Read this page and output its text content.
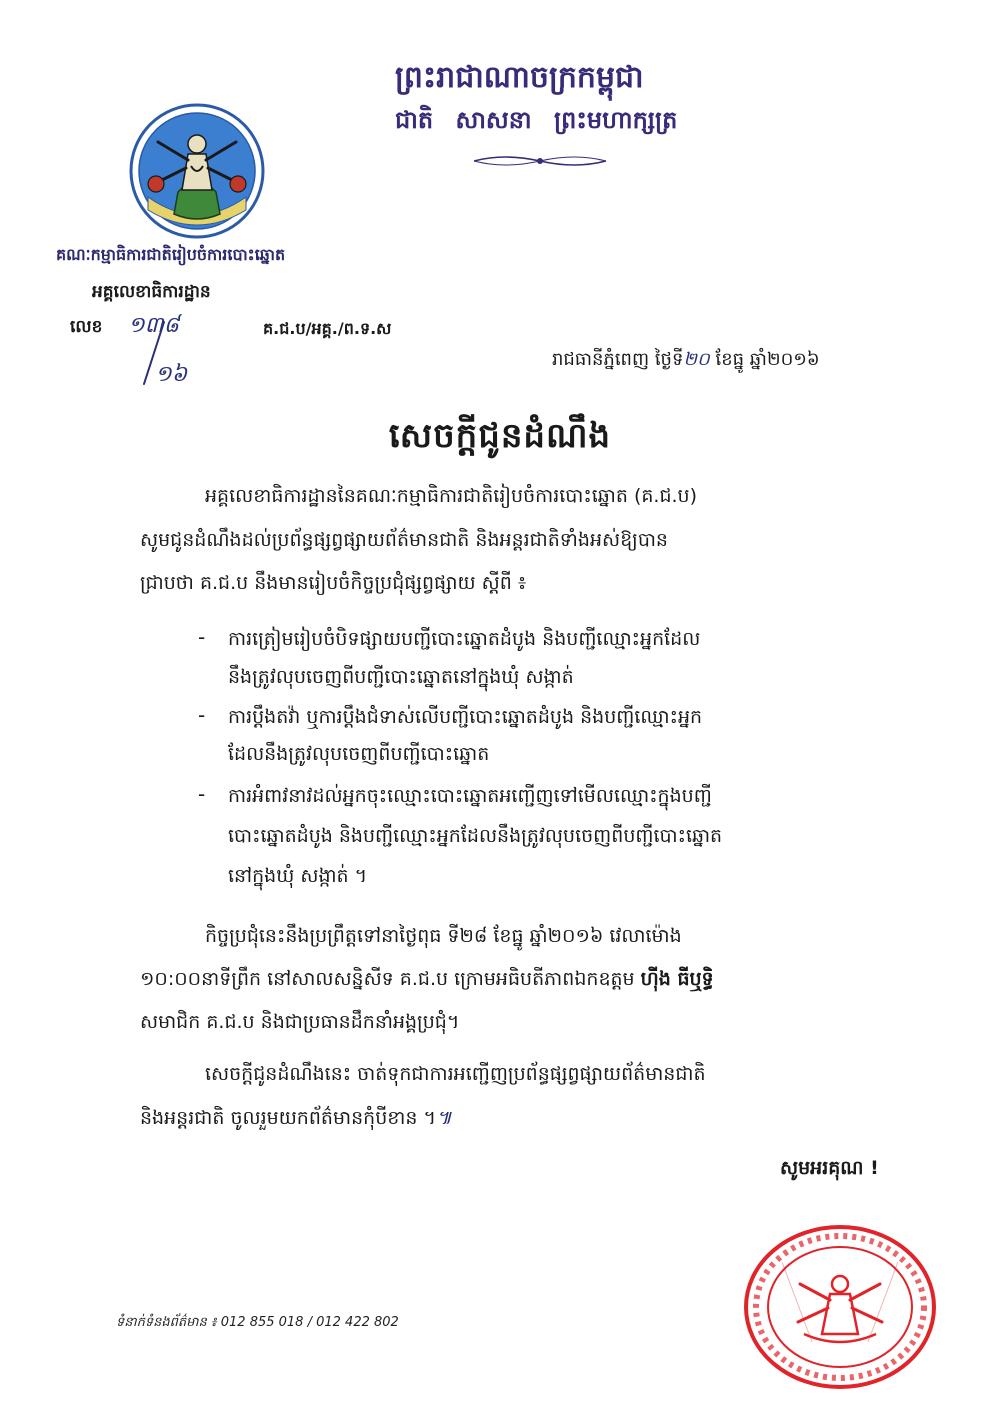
ព្រះរាជាណាចក្រកម្ពុជា
ជាតិ សាសនា ព្រះមហាក្សត្រ
គណៈកម្មាធិការជាតិរៀបចំការបោះឆ្នោត
អគ្គលេខាធិការដ្ឋាន
លេខ ១៣៨
១៦
គ.ជ.ប/អគ្គ./ព.ទ.ស
រាជធានីភ្នំពេញ ថ្ងៃទី២០ ខែធ្នូ ឆ្នាំ២០១៦
សេចក្តីជូនដំណឹង
អគ្គលេខាធិការដ្ឋាននៃគណៈកម្មាធិការជាតិរៀបចំការបោះឆ្នោត (គ.ជ.ប)
សូមជូនដំណឹងដល់ប្រព័ន្ធផ្សព្វផ្សាយព័ត៌មានជាតិ និងអន្តរជាតិទាំងអស់ឱ្យបាន
ជ្រាបថា គ.ជ.ប នឹងមានរៀបចំកិច្ចប្រជុំផ្សព្វផ្សាយ ស្តីពី ៖
- ការត្រៀមរៀបចំបិទផ្សាយបញ្ជីបោះឆ្នោតដំបូង និងបញ្ជីឈ្មោះអ្នកដែល
នឹងត្រូវលុបចេញពីបញ្ជីបោះឆ្នោតនៅក្នុងឃុំ សង្កាត់
- ការប្តឹងតវ៉ា ឬការប្តឹងជំទាស់លើបញ្ជីបោះឆ្នោតដំបូង និងបញ្ជីឈ្មោះអ្នក
ដែលនឹងត្រូវលុបចេញពីបញ្ជីបោះឆ្នោត
- ការអំពាវនាវដល់អ្នកចុះឈ្មោះបោះឆ្នោតអញ្ជើញទៅមើលឈ្មោះក្នុងបញ្ជី
បោះឆ្នោតដំបូង និងបញ្ជីឈ្មោះអ្នកដែលនឹងត្រូវលុបចេញពីបញ្ជីបោះឆ្នោត
នៅក្នុងឃុំ សង្កាត់ ។
កិច្ចប្រជុំនេះនឹងប្រព្រឹត្តទៅនាថ្ងៃពុធ ទី២៨ ខែធ្នូ ឆ្នាំ២០១៦ វេលាម៉ោង
១០:០០នាទីព្រឹក នៅសាលសន្និសីទ គ.ជ.ប ក្រោមអធិបតីភាពឯកឧត្តម ហ៊ីង ធីឬទ្ធិ
សមាជិក គ.ជ.ប និងជាប្រធានដឹកនាំអង្គប្រជុំ។
សេចក្តីជូនដំណឹងនេះ ចាត់ទុកជាការអញ្ជើញប្រព័ន្ធផ្សព្វផ្សាយព័ត៌មានជាតិ
និងអន្តរជាតិ ចូលរួមយកព័ត៌មានកុំបីខាន ។៕
សូមអរគុណ !
ទំនាក់ទំនងព័ត៌មាន ៖ 012 855 018 / 012 422 802
